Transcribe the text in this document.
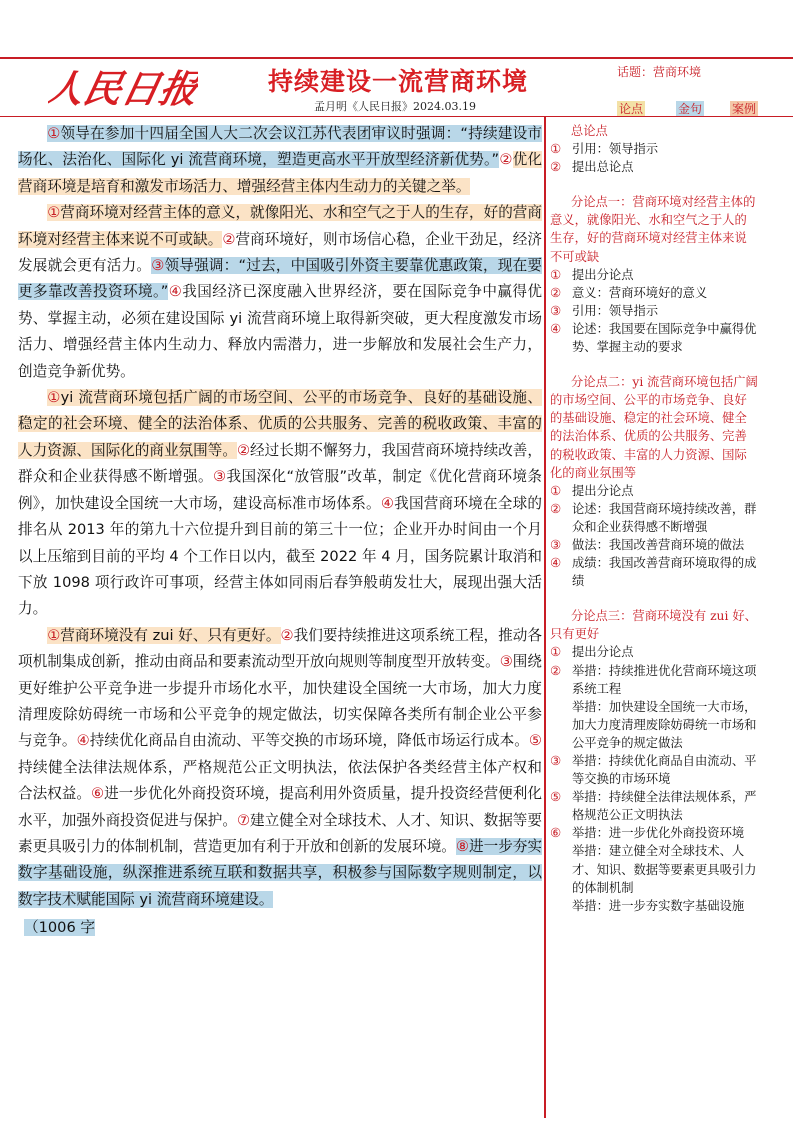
人民日报	持续建设一流营商环境
孟月明《人民日报》2024.03.19
话题：营商环境
论点	金句 案例

①领导在参加十四届全国人大二次会议江苏代表团审议时强调：“持续建设市场化、法治化、国际化 yi 流营商环境，塑造更高水平开放型经济新优势。”②优化营商环境是培育和激发市场活力、增强经营主体内生动力的关键之举。

①营商环境对经营主体的意义，就像阳光、水和空气之于人的生存，好的营商环境对经营主体来说不可或缺。②营商环境好，则市场信心稳，企业干劲足，经济发展就会更有活力。③领导强调：“过去，中国吸引外资主要靠优惠政策，现在要更多靠改善投资环境。”④我国经济已深度融入世界经济，要在国际竞争中赢得优势、掌握主动，必须在建设国际 yi 流营商环境上取得新突破，更大程度激发市场活力、增强经营主体内生动力、释放内需潜力，进一步解放和发展社会生产力，创造竞争新优势。

①yi 流营商环境包括广阔的市场空间、公平的市场竞争、良好的基础设施、稳定的社会环境、健全的法治体系、优质的公共服务、完善的税收政策、丰富的人力资源、国际化的商业氛围等。②经过长期不懈努力，我国营商环境持续改善，群众和企业获得感不断增强。③我国深化“放管服”改革，制定《优化营商环境条例》，加快建设全国统一大市场，建设高标准市场体系。④我国营商环境在全球的排名从 2013 年的第九十六位提升到目前的第三十一位；企业开办时间由一个月以上压缩到目前的平均 4 个工作日以内，截至 2022 年 4 月，国务院累计取消和下放 1098 项行政许可事项，经营主体如同雨后春笋般萌发壮大，展现出强大活力。

①营商环境没有 zui 好、只有更好。②我们要持续推进这项系统工程，推动各项机制集成创新，推动由商品和要素流动型开放向规则等制度型开放转变。③围绕更好维护公平竞争进一步提升市场化水平，加快建设全国统一大市场，加大力度清理废除妨碍统一市场和公平竞争的规定做法，切实保障各类所有制企业公平参与竞争。④持续优化商品自由流动、平等交换的市场环境，降低市场运行成本。⑤持续健全法律法规体系，严格规范公正文明执法，依法保护各类经营主体产权和合法权益。⑥进一步优化外商投资环境，提高利用外资质量，提升投资经营便利化水平，加强外商投资促进与保护。⑦建立健全对全球技术、人才、知识、数据等要素更具吸引力的体制机制，营造更加有利于开放和创新的发展环境。⑧进一步夯实数字基础设施，纵深推进系统互联和数据共享，积极参与国际数字规则制定，以数字技术赋能国际 yi 流营商环境建设。

（1006 字
总论点
① 引用：领导指示
② 提出总论点
分论点一：营商环境对经营主体的意义，就像阳光、水和空气之于人的生存，好的营商环境对经营主体来说不可或缺
① 提出分论点
② 意义：营商环境好的意义
③ 引用：领导指示
④ 论述：我国要在国际竞争中赢得优势、掌握主动的要求
分论点二：yi 流营商环境包括广阔的市场空间、公平的市场竞争、良好的基础设施、稳定的社会环境、健全的法治体系、优质的公共服务、完善的税收政策、丰富的人力资源、国际化的商业氛围等
① 提出分论点
② 论述：我国营商环境持续改善，群众和企业获得感不断增强
③ 做法：我国改善营商环境的做法
④ 成绩：我国改善营商环境取得的成绩
分论点三：营商环境没有 zui 好、只有更好
① 提出分论点
② 举措：持续推进优化营商环境这项系统工程
举措：加快建设全国统一大市场，加大力度清理废除妨碍统一市场和公平竞争的规定做法
③ 举措：持续优化商品自由流动、平等交换的市场环境
⑤ 举措：持续健全法律法规体系，严格规范公正文明执法
⑥ 举措：进一步优化外商投资环境
举措：建立健全对全球技术、人才、知识、数据等要素更具吸引力的体制机制
举措：进一步夯实数字基础设施
